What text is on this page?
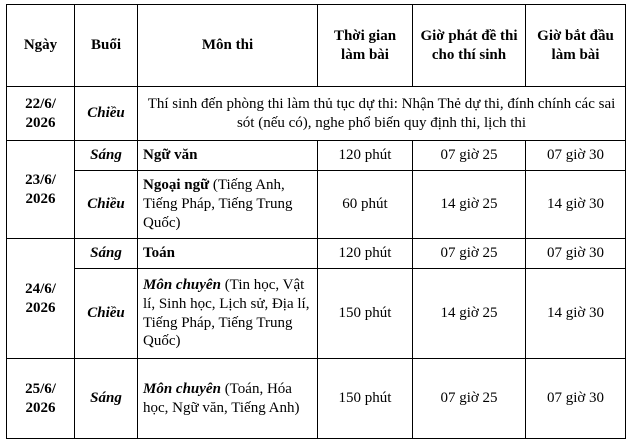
Ngày	Buổi	Môn thi	Thời gian làm bài	Giờ phát đề thi cho thí sinh	Giờ bắt đầu làm bài
22/6/ 2026	Chiều	Thí sinh đến phòng thi làm thủ tục dự thi: Nhận Thẻ dự thi, đính chính các sai sót (nếu có), nghe phổ biến quy định thi, lịch thi			
23/6/ 2026	Sáng	Ngữ văn	120 phút	07 giờ 25	07 giờ 30
	Chiều	Ngoại ngữ (Tiếng Anh, Tiếng Pháp, Tiếng Trung Quốc)	60 phút	14 giờ 25	14 giờ 30
24/6/ 2026	Sáng	Toán	120 phút	07 giờ 25	07 giờ 30
	Chiều	Môn chuyên (Tin học, Vật lí, Sinh học, Lịch sử, Địa lí, Tiếng Pháp, Tiếng Trung Quốc)	150 phút	14 giờ 25	14 giờ 30
25/6/ 2026	Sáng	Môn chuyên (Toán, Hóa học, Ngữ văn, Tiếng Anh)	150 phút	07 giờ 25	07 giờ 30
